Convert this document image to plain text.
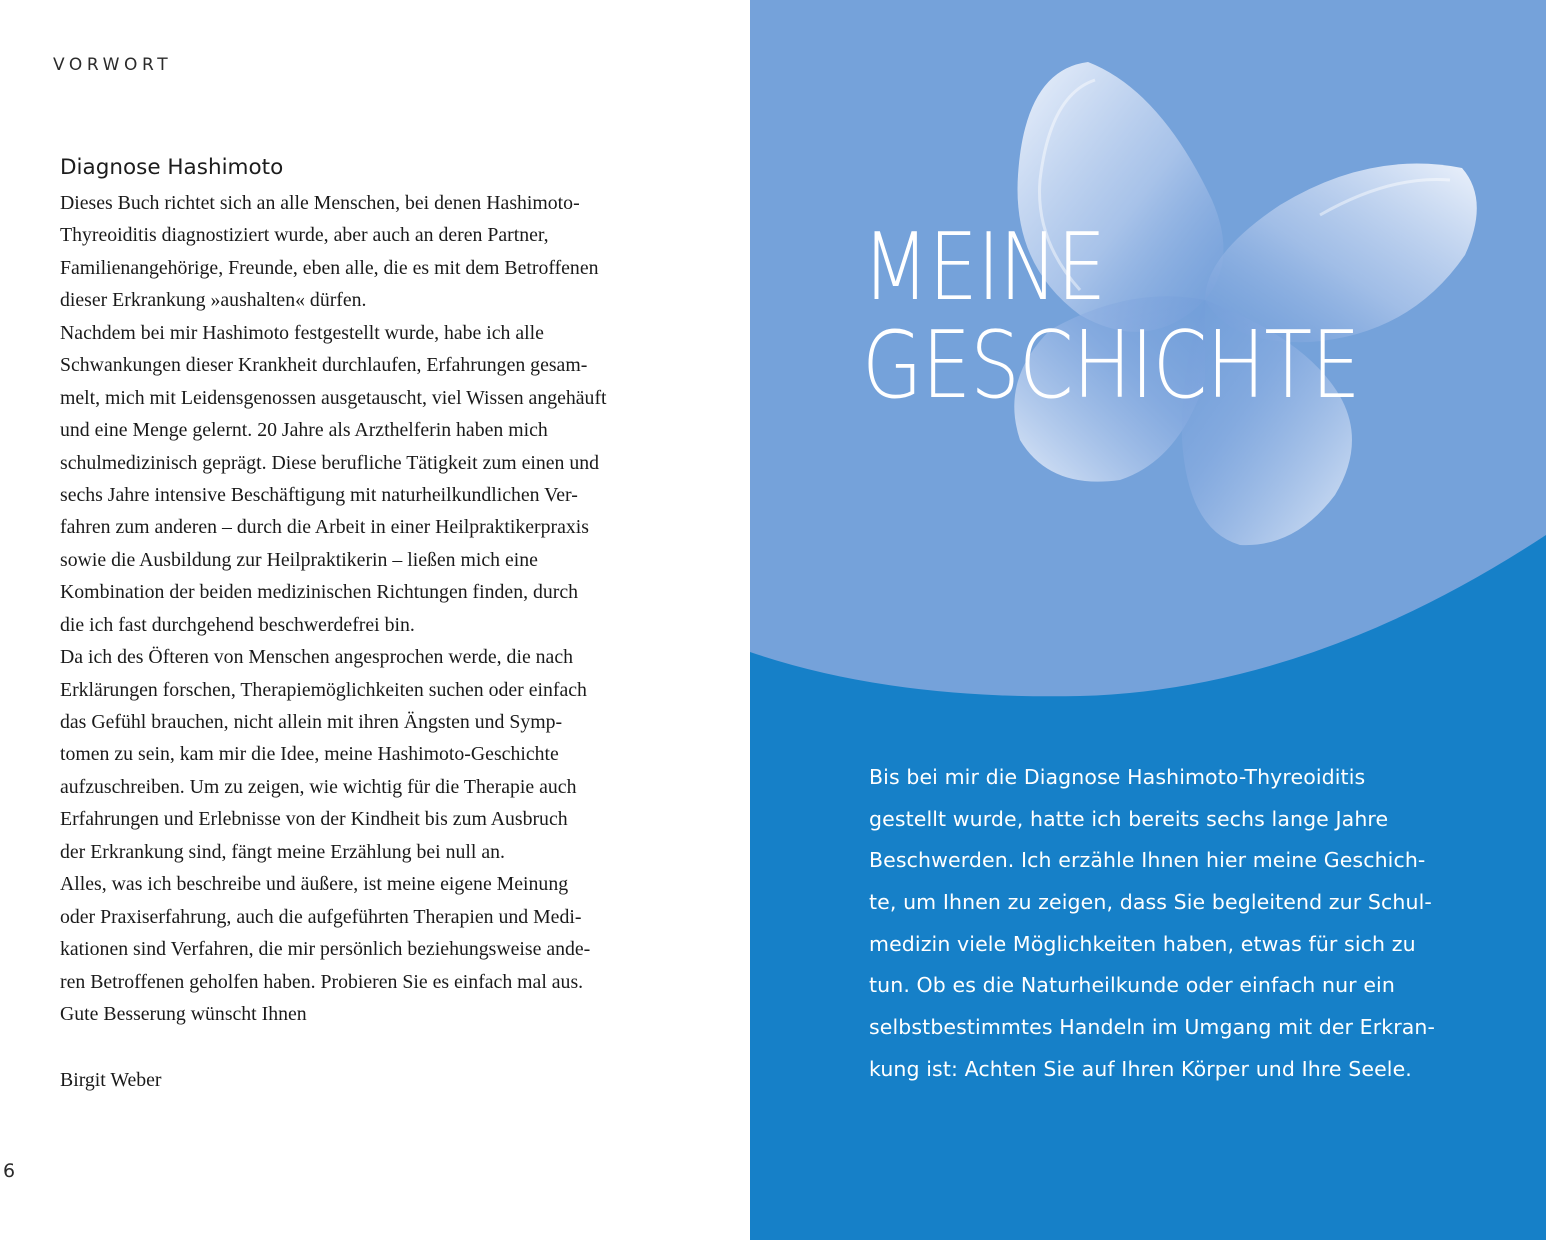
VORWORT
Diagnose Hashimoto
Dieses Buch richtet sich an alle Menschen, bei denen Hashimoto-
Thyreoiditis diagnostiziert wurde, aber auch an deren Partner,
Familienangehörige, Freunde, eben alle, die es mit dem Betroffenen
dieser Erkrankung »aushalten« dürfen.
Nachdem bei mir Hashimoto festgestellt wurde, habe ich alle
Schwankungen dieser Krankheit durchlaufen, Erfahrungen gesam-
melt, mich mit Leidensgenossen ausgetauscht, viel Wissen angehäuft
und eine Menge gelernt. 20 Jahre als Arzthelferin haben mich
schulmedizinisch geprägt. Diese berufliche Tätigkeit zum einen und
sechs Jahre intensive Beschäftigung mit naturheilkundlichen Ver-
fahren zum anderen – durch die Arbeit in einer Heilpraktikerpraxis
sowie die Ausbildung zur Heilpraktikerin – ließen mich eine
Kombination der beiden medizinischen Richtungen finden, durch
die ich fast durchgehend beschwerdefrei bin.
Da ich des Öfteren von Menschen angesprochen werde, die nach
Erklärungen forschen, Therapiemöglichkeiten suchen oder einfach
das Gefühl brauchen, nicht allein mit ihren Ängsten und Symp-
tomen zu sein, kam mir die Idee, meine Hashimoto-Geschichte
aufzuschreiben. Um zu zeigen, wie wichtig für die Therapie auch
Erfahrungen und Erlebnisse von der Kindheit bis zum Ausbruch
der Erkrankung sind, fängt meine Erzählung bei null an.
Alles, was ich beschreibe und äußere, ist meine eigene Meinung
oder Praxiserfahrung, auch die aufgeführten Therapien und Medi-
kationen sind Verfahren, die mir persönlich beziehungsweise ande-
ren Betroffenen geholfen haben. Probieren Sie es einfach mal aus.
Gute Besserung wünscht Ihnen
Birgit Weber
6
MEINE
GESCHICHTE
Bis bei mir die Diagnose Hashimoto-Thyreoiditis
gestellt wurde, hatte ich bereits sechs lange Jahre
Beschwerden. Ich erzähle Ihnen hier meine Geschich-
te, um Ihnen zu zeigen, dass Sie begleitend zur Schul-
medizin viele Möglichkeiten haben, etwas für sich zu
tun. Ob es die Naturheilkunde oder einfach nur ein
selbstbestimmtes Handeln im Umgang mit der Erkran-
kung ist: Achten Sie auf Ihren Körper und Ihre Seele.
